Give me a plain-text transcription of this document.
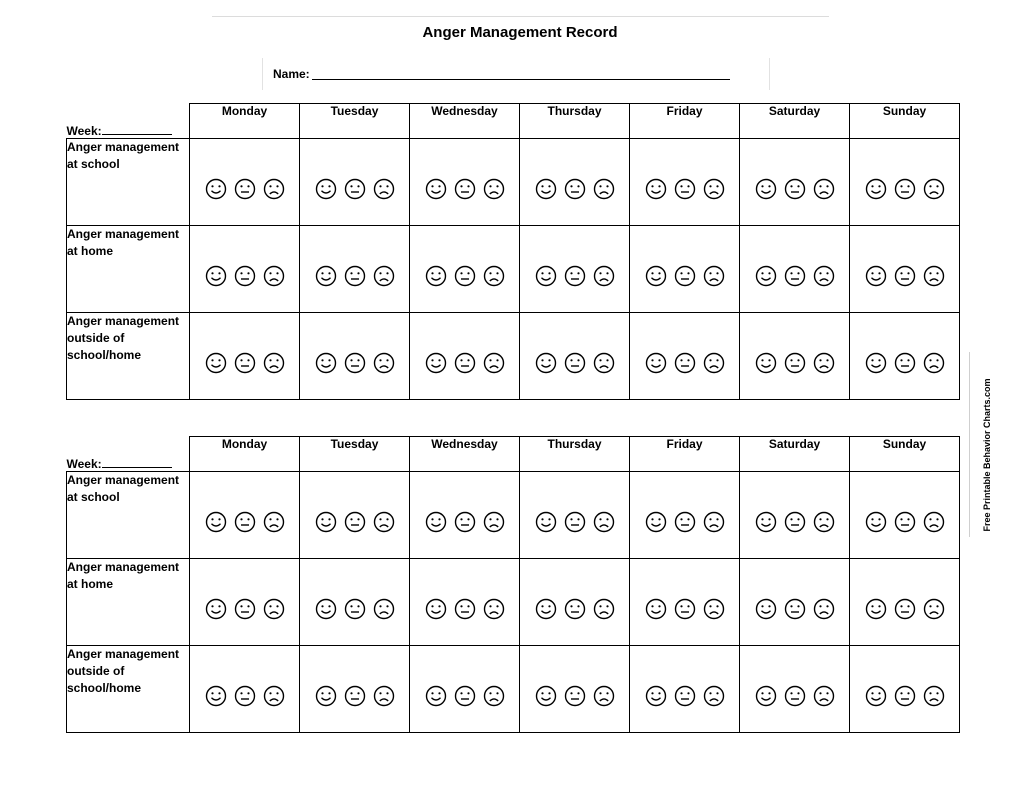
Anger Management Record
Name:
Week:	Monday	Tuesday	Wednesday	Thursday	Friday	Saturday	Sunday
Anger management at school	

Anger management at home	

Anger management outside of school/home	

Week:	Monday	Tuesday	Wednesday	Thursday	Friday	Saturday	Sunday
Anger management at school	

Anger management at home	

Anger management outside of school/home	

Free Printable Behavior Charts.com
